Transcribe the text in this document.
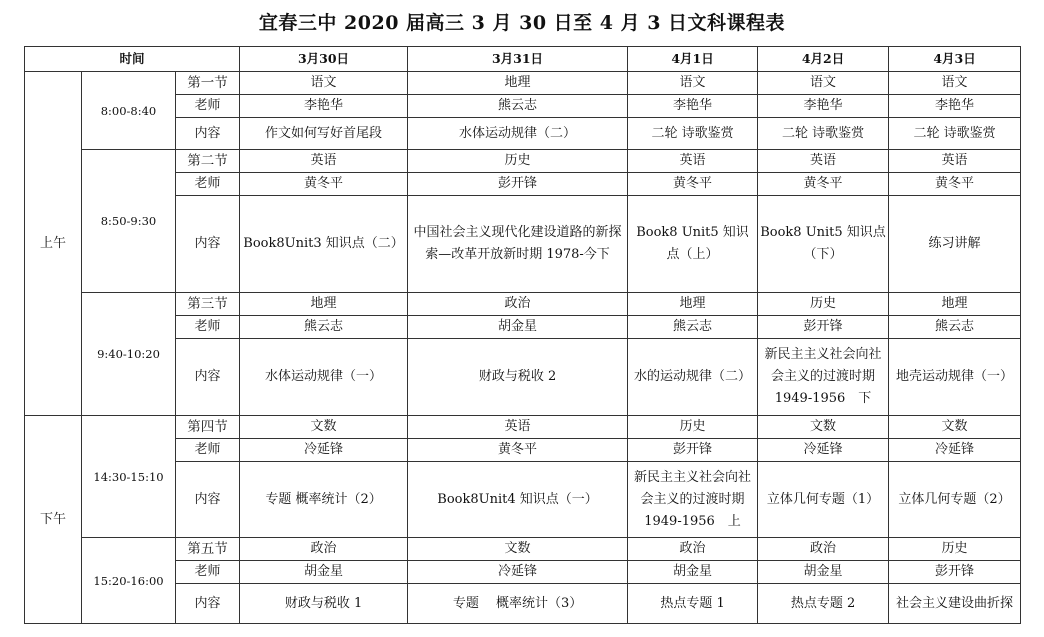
宜春三中 2020 届高三 3 月 30 日至 4 月 3 日文科课程表
时间			3月30日	3月31日	4月1日	4月2日	4月3日
上午	8:00-8:40	第一节	语文	地理	语文	语文	语文
		老师	李艳华	熊云志	李艳华	李艳华	李艳华
		内容	作文如何写好首尾段	水体运动规律（二）	二轮 诗歌鉴赏	二轮 诗歌鉴赏	二轮 诗歌鉴赏
	8:50-9:30	第二节	英语	历史	英语	英语	英语
		老师	黄冬平	彭开锋	黄冬平	黄冬平	黄冬平
		内容	Book8Unit3 知识点（二）	中国社会主义现代化建设道路的新探索—改革开放新时期 1978-今下	Book8 Unit5 知识点（上）	Book8 Unit5 知识点（下）	练习讲解
	9:40-10:20	第三节	地理	政治	地理	历史	地理
		老师	熊云志	胡金星	熊云志	彭开锋	熊云志
		内容	水体运动规律（一）	财政与税收 2	水的运动规律（二）	新民主主义社会向社会主义的过渡时期 1949-1956　下	地壳运动规律（一）
下午	14:30-15:10	第四节	文数	英语	历史	文数	文数
		老师	冷延锋	黄冬平	彭开锋	冷延锋	冷延锋
		内容	专题 概率统计（2）	Book8Unit4 知识点（一）	新民主主义社会向社会主义的过渡时期 1949-1956　上	立体几何专题（1）	立体几何专题（2）
	15:20-16:00	第五节	政治	文数	政治	政治	历史
		老师	胡金星	冷延锋	胡金星	胡金星	彭开锋
		内容	财政与税收 1	专题　 概率统计（3）	热点专题 1	热点专题 2	社会主义建设曲折探
